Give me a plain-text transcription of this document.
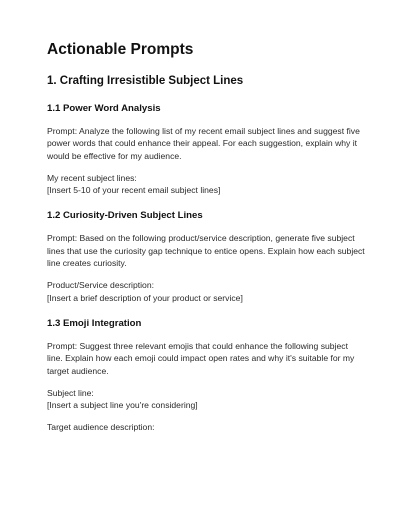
Actionable Prompts
1. Crafting Irresistible Subject Lines
1.1 Power Word Analysis

Prompt: Analyze the following list of my recent email subject lines and suggest five power words that could enhance their appeal. For each suggestion, explain why it would be effective for my audience.

My recent subject lines:

[Insert 5-10 of your recent email subject lines]

1.2 Curiosity-Driven Subject Lines

Prompt: Based on the following product/service description, generate five subject lines that use the curiosity gap technique to entice opens. Explain how each subject line creates curiosity.

Product/Service description:

[Insert a brief description of your product or service]

1.3 Emoji Integration

Prompt: Suggest three relevant emojis that could enhance the following subject line. Explain how each emoji could impact open rates and why it's suitable for my target audience.

Subject line:

[Insert a subject line you're considering]

Target audience description:
